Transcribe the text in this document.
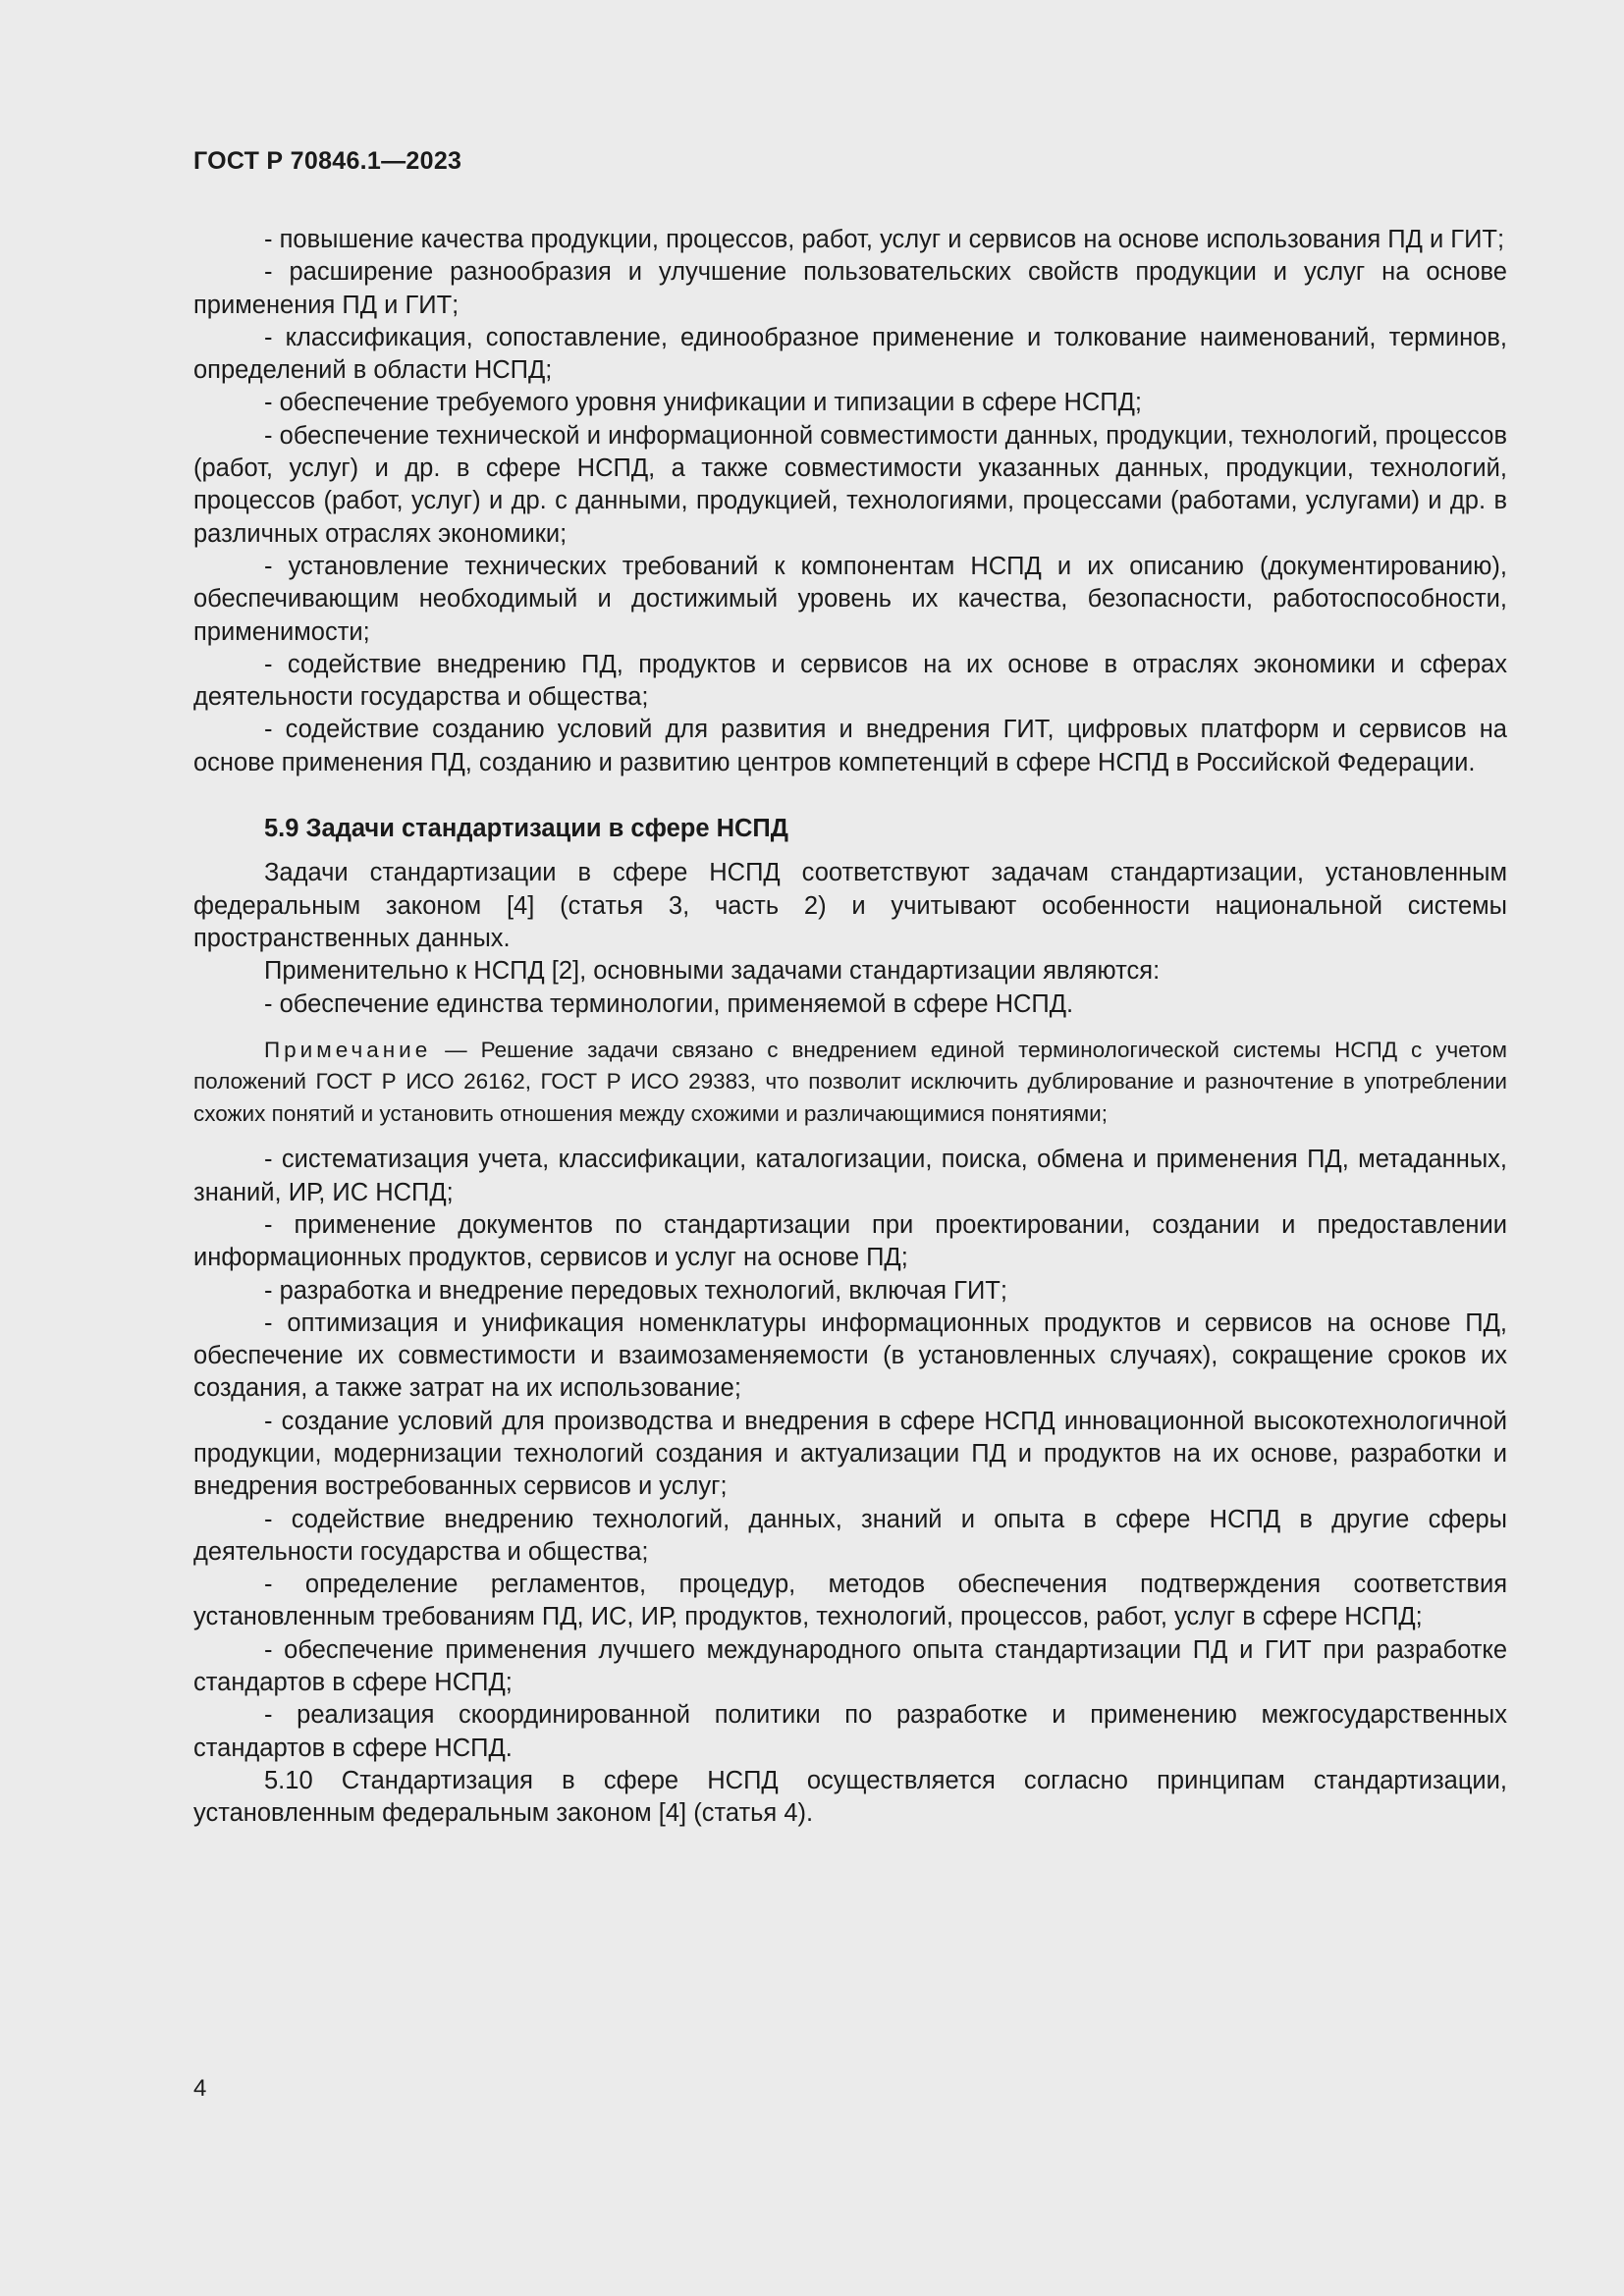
ГОСТ Р 70846.1—2023

- повышение качества продукции, процессов, работ, услуг и сервисов на основе использования ПД и ГИТ;

- расширение разнообразия и улучшение пользовательских свойств продукции и услуг на основе применения ПД и ГИТ;

- классификация, сопоставление, единообразное применение и толкование наименований, терминов, определений в области НСПД;

- обеспечение требуемого уровня унификации и типизации в сфере НСПД;

- обеспечение технической и информационной совместимости данных, продукции, технологий, процессов (работ, услуг) и др. в сфере НСПД, а также совместимости указанных данных, продукции, технологий, процессов (работ, услуг) и др. с данными, продукцией, технологиями, процессами (работами, услугами) и др. в различных отраслях экономики;

- установление технических требований к компонентам НСПД и их описанию (документированию), обеспечивающим необходимый и достижимый уровень их качества, безопасности, работоспособности, применимости;

- содействие внедрению ПД, продуктов и сервисов на их основе в отраслях экономики и сферах деятельности государства и общества;

- содействие созданию условий для развития и внедрения ГИТ, цифровых платформ и сервисов на основе применения ПД, созданию и развитию центров компетенций в сфере НСПД в Российской Федерации.

5.9 Задачи стандартизации в сфере НСПД

Задачи стандартизации в сфере НСПД соответствуют задачам стандартизации, установленным федеральным законом [4] (статья 3, часть 2) и учитывают особенности национальной системы пространственных данных.

Применительно к НСПД [2], основными задачами стандартизации являются:

- обеспечение единства терминологии, применяемой в сфере НСПД.

Примечание — Решение задачи связано с внедрением единой терминологической системы НСПД с учетом положений ГОСТ Р ИСО 26162, ГОСТ Р ИСО 29383, что позволит исключить дублирование и разночтение в употреблении схожих понятий и установить отношения между схожими и различающимися понятиями;

- систематизация учета, классификации, каталогизации, поиска, обмена и применения ПД, метаданных, знаний, ИР, ИС НСПД;

- применение документов по стандартизации при проектировании, создании и предоставлении информационных продуктов, сервисов и услуг на основе ПД;

- разработка и внедрение передовых технологий, включая ГИТ;

- оптимизация и унификация номенклатуры информационных продуктов и сервисов на основе ПД, обеспечение их совместимости и взаимозаменяемости (в установленных случаях), сокращение сроков их создания, а также затрат на их использование;

- создание условий для производства и внедрения в сфере НСПД инновационной высокотехнологичной продукции, модернизации технологий создания и актуализации ПД и продуктов на их основе, разработки и внедрения востребованных сервисов и услуг;

- содействие внедрению технологий, данных, знаний и опыта в сфере НСПД в другие сферы деятельности государства и общества;

- определение регламентов, процедур, методов обеспечения подтверждения соответствия установленным требованиям ПД, ИС, ИР, продуктов, технологий, процессов, работ, услуг в сфере НСПД;

- обеспечение применения лучшего международного опыта стандартизации ПД и ГИТ при разработке стандартов в сфере НСПД;

- реализация скоординированной политики по разработке и применению межгосударственных стандартов в сфере НСПД.

5.10 Стандартизация в сфере НСПД осуществляется согласно принципам стандартизации, установленным федеральным законом [4] (статья 4).

4
